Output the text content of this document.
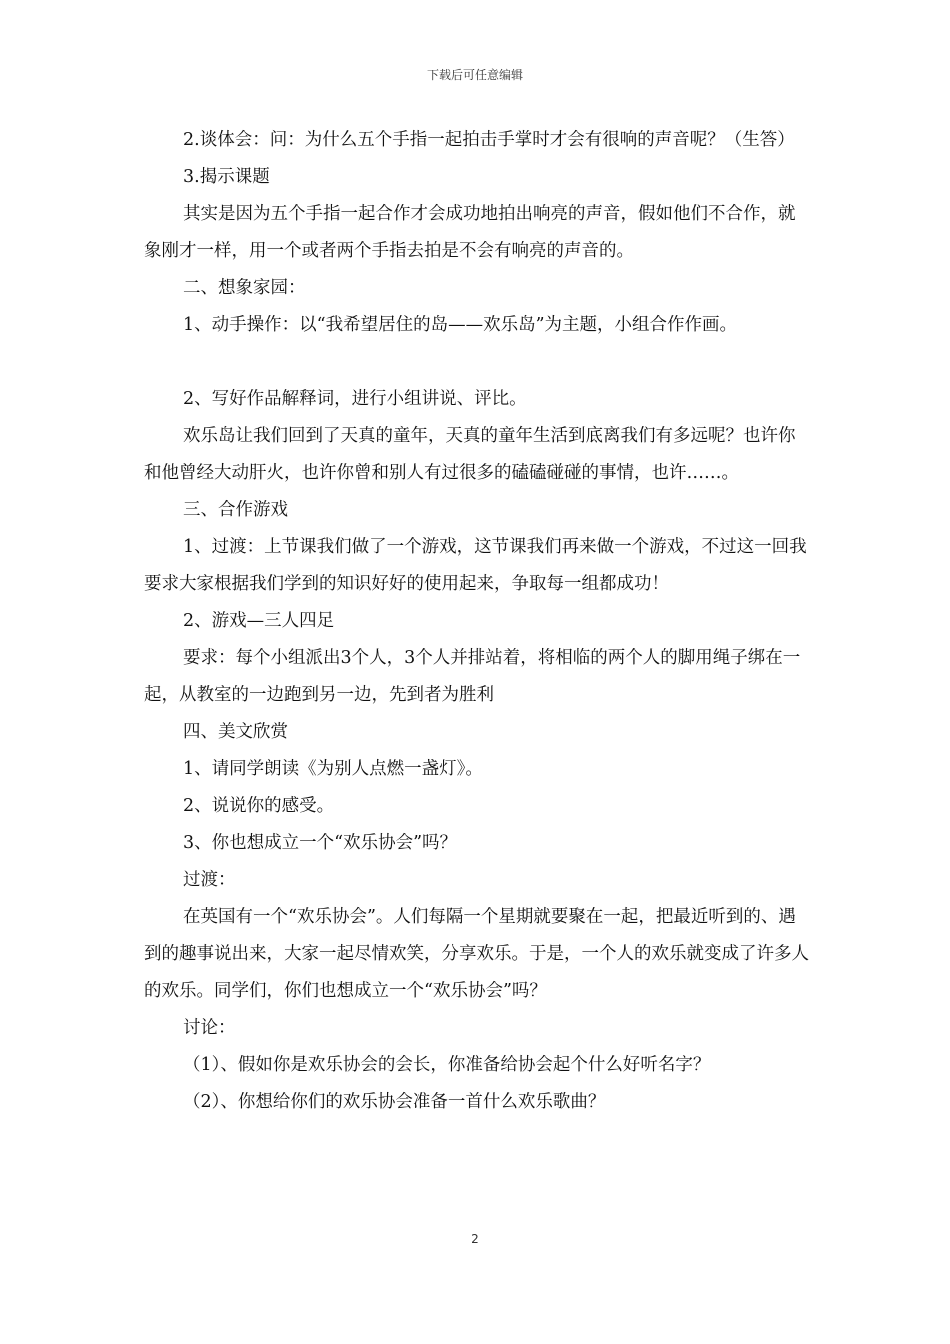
下载后可任意编辑

2.谈体会：问：为什么五个手指一起拍击手掌时才会有很响的声音呢？（生答）

3.揭示课题

其实是因为五个手指一起合作才会成功地拍出响亮的声音，假如他们不合作，就象刚才一样，用一个或者两个手指去拍是不会有响亮的声音的。

二、想象家园：

1、动手操作：以“我希望居住的岛——欢乐岛”为主题，小组合作作画。

2、写好作品解释词，进行小组讲说、评比。

欢乐岛让我们回到了天真的童年，天真的童年生活到底离我们有多远呢？也许你和他曾经大动肝火，也许你曾和别人有过很多的磕磕碰碰的事情，也许……。

三、合作游戏

1、过渡：上节课我们做了一个游戏，这节课我们再来做一个游戏，不过这一回我要求大家根据我们学到的知识好好的使用起来，争取每一组都成功！

2、游戏—三人四足

要求：每个小组派出3个人，3个人并排站着，将相临的两个人的脚用绳子绑在一起，从教室的一边跑到另一边，先到者为胜利

四、美文欣赏

1、请同学朗读《为别人点燃一盏灯》。

2、说说你的感受。

3、你也想成立一个“欢乐协会”吗？

过渡：

在英国有一个“欢乐协会”。人们每隔一个星期就要聚在一起，把最近听到的、遇到的趣事说出来，大家一起尽情欢笑，分享欢乐。于是，一个人的欢乐就变成了许多人的欢乐。同学们，你们也想成立一个“欢乐协会”吗？

讨论：

（1）、假如你是欢乐协会的会长，你准备给协会起个什么好听名字？

（2）、你想给你们的欢乐协会准备一首什么欢乐歌曲？

2
